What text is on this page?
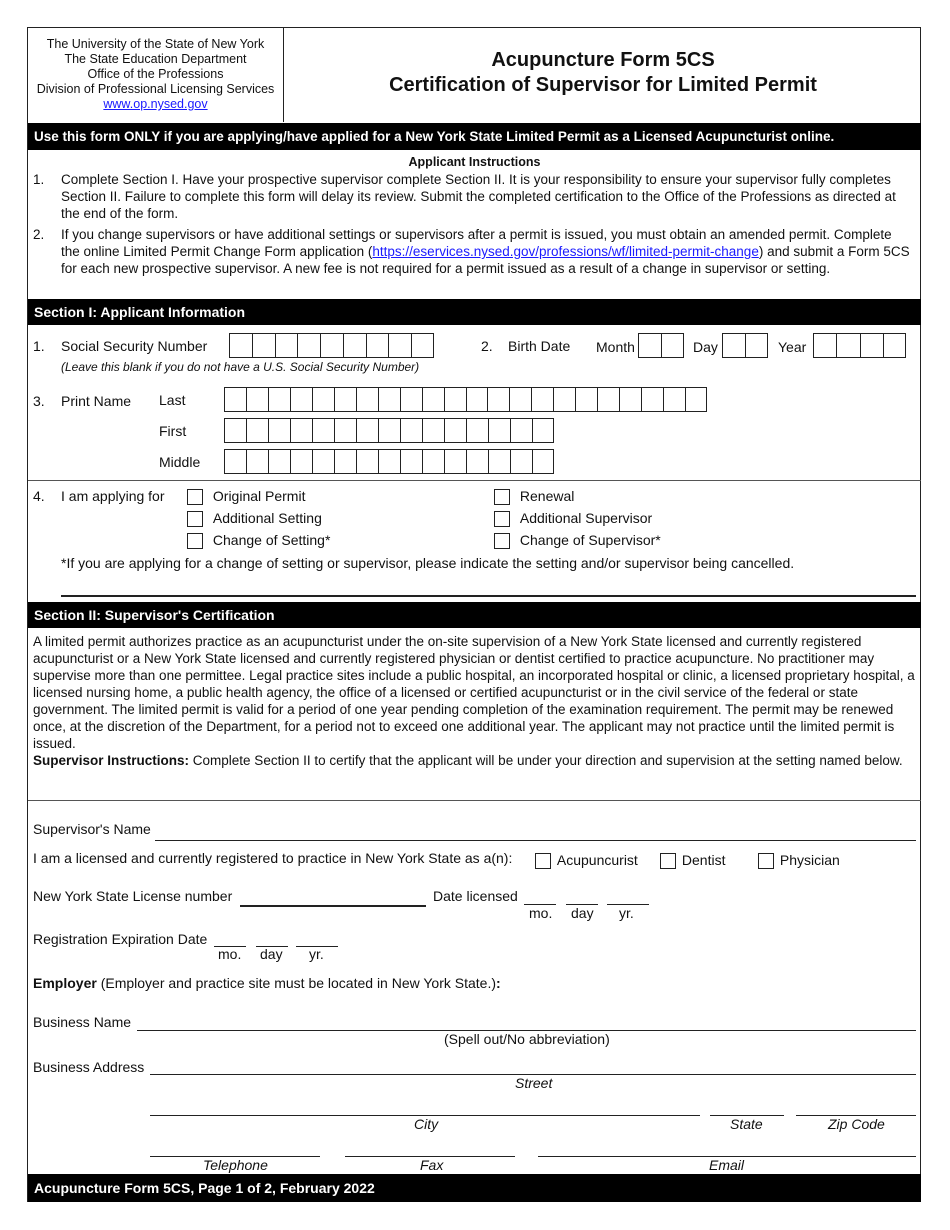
The University of the State of New York
The State Education Department
Office of the Professions
Division of Professional Licensing Services
www.op.nysed.gov
Acupuncture Form 5CS
Certification of Supervisor for Limited Permit
Use this form ONLY if you are applying/have applied for a New York State Limited Permit as a Licensed Acupuncturist online.
Applicant Instructions
1. Complete Section I. Have your prospective supervisor complete Section II. It is your responsibility to ensure your supervisor fully completes Section II. Failure to complete this form will delay its review. Submit the completed certification to the Office of the Professions as directed at the end of the form.
2. If you change supervisors or have additional settings or supervisors after a permit is issued, you must obtain an amended permit. Complete the online Limited Permit Change Form application (https://eservices.nysed.gov/professions/wf/limited-permit-change) and submit a Form 5CS for each new prospective supervisor. A new fee is not required for a permit issued as a result of a change in supervisor or setting.
Section I: Applicant Information
1. Social Security Number
(Leave this blank if you do not have a U.S. Social Security Number)
2. Birth Date Month	Day	Year
3. Print Name Last
First
Middle
4. I am applying for	Original Permit	Renewal
Additional Setting	Additional Supervisor
Change of Setting*	Change of Supervisor*
*If you are applying for a change of setting or supervisor, please indicate the setting and/or supervisor being cancelled.
Section II: Supervisor's Certification
A limited permit authorizes practice as an acupuncturist under the on-site supervision of a New York State licensed and currently registered acupuncturist or a New York State licensed and currently registered physician or dentist certified to practice acupuncture. No practitioner may supervise more than one permittee. Legal practice sites include a public hospital, an incorporated hospital or clinic, a licensed proprietary hospital, a licensed nursing home, a public health agency, the office of a licensed or certified acupuncturist or in the civil service of the federal or state government. The limited permit is valid for a period of one year pending completion of the examination requirement. The permit may be renewed once, at the discretion of the Department, for a period not to exceed one additional year. The applicant may not practice until the limited permit is issued.
Supervisor Instructions: Complete Section II to certify that the applicant will be under your direction and supervision at the setting named below.
Supervisor's Name
I am a licensed and currently registered to practice in New York State as a(n):	Acupuncurist	Dentist	Physician
New York State License number	Date licensed
mo. day yr.
Registration Expiration Date
mo. day yr.
Employer (Employer and practice site must be located in New York State.):
Business Name
(Spell out/No abbreviation)
Business Address
Street
City	State	Zip Code
Telephone	Fax	Email
Acupuncture Form 5CS, Page 1 of 2, February 2022
